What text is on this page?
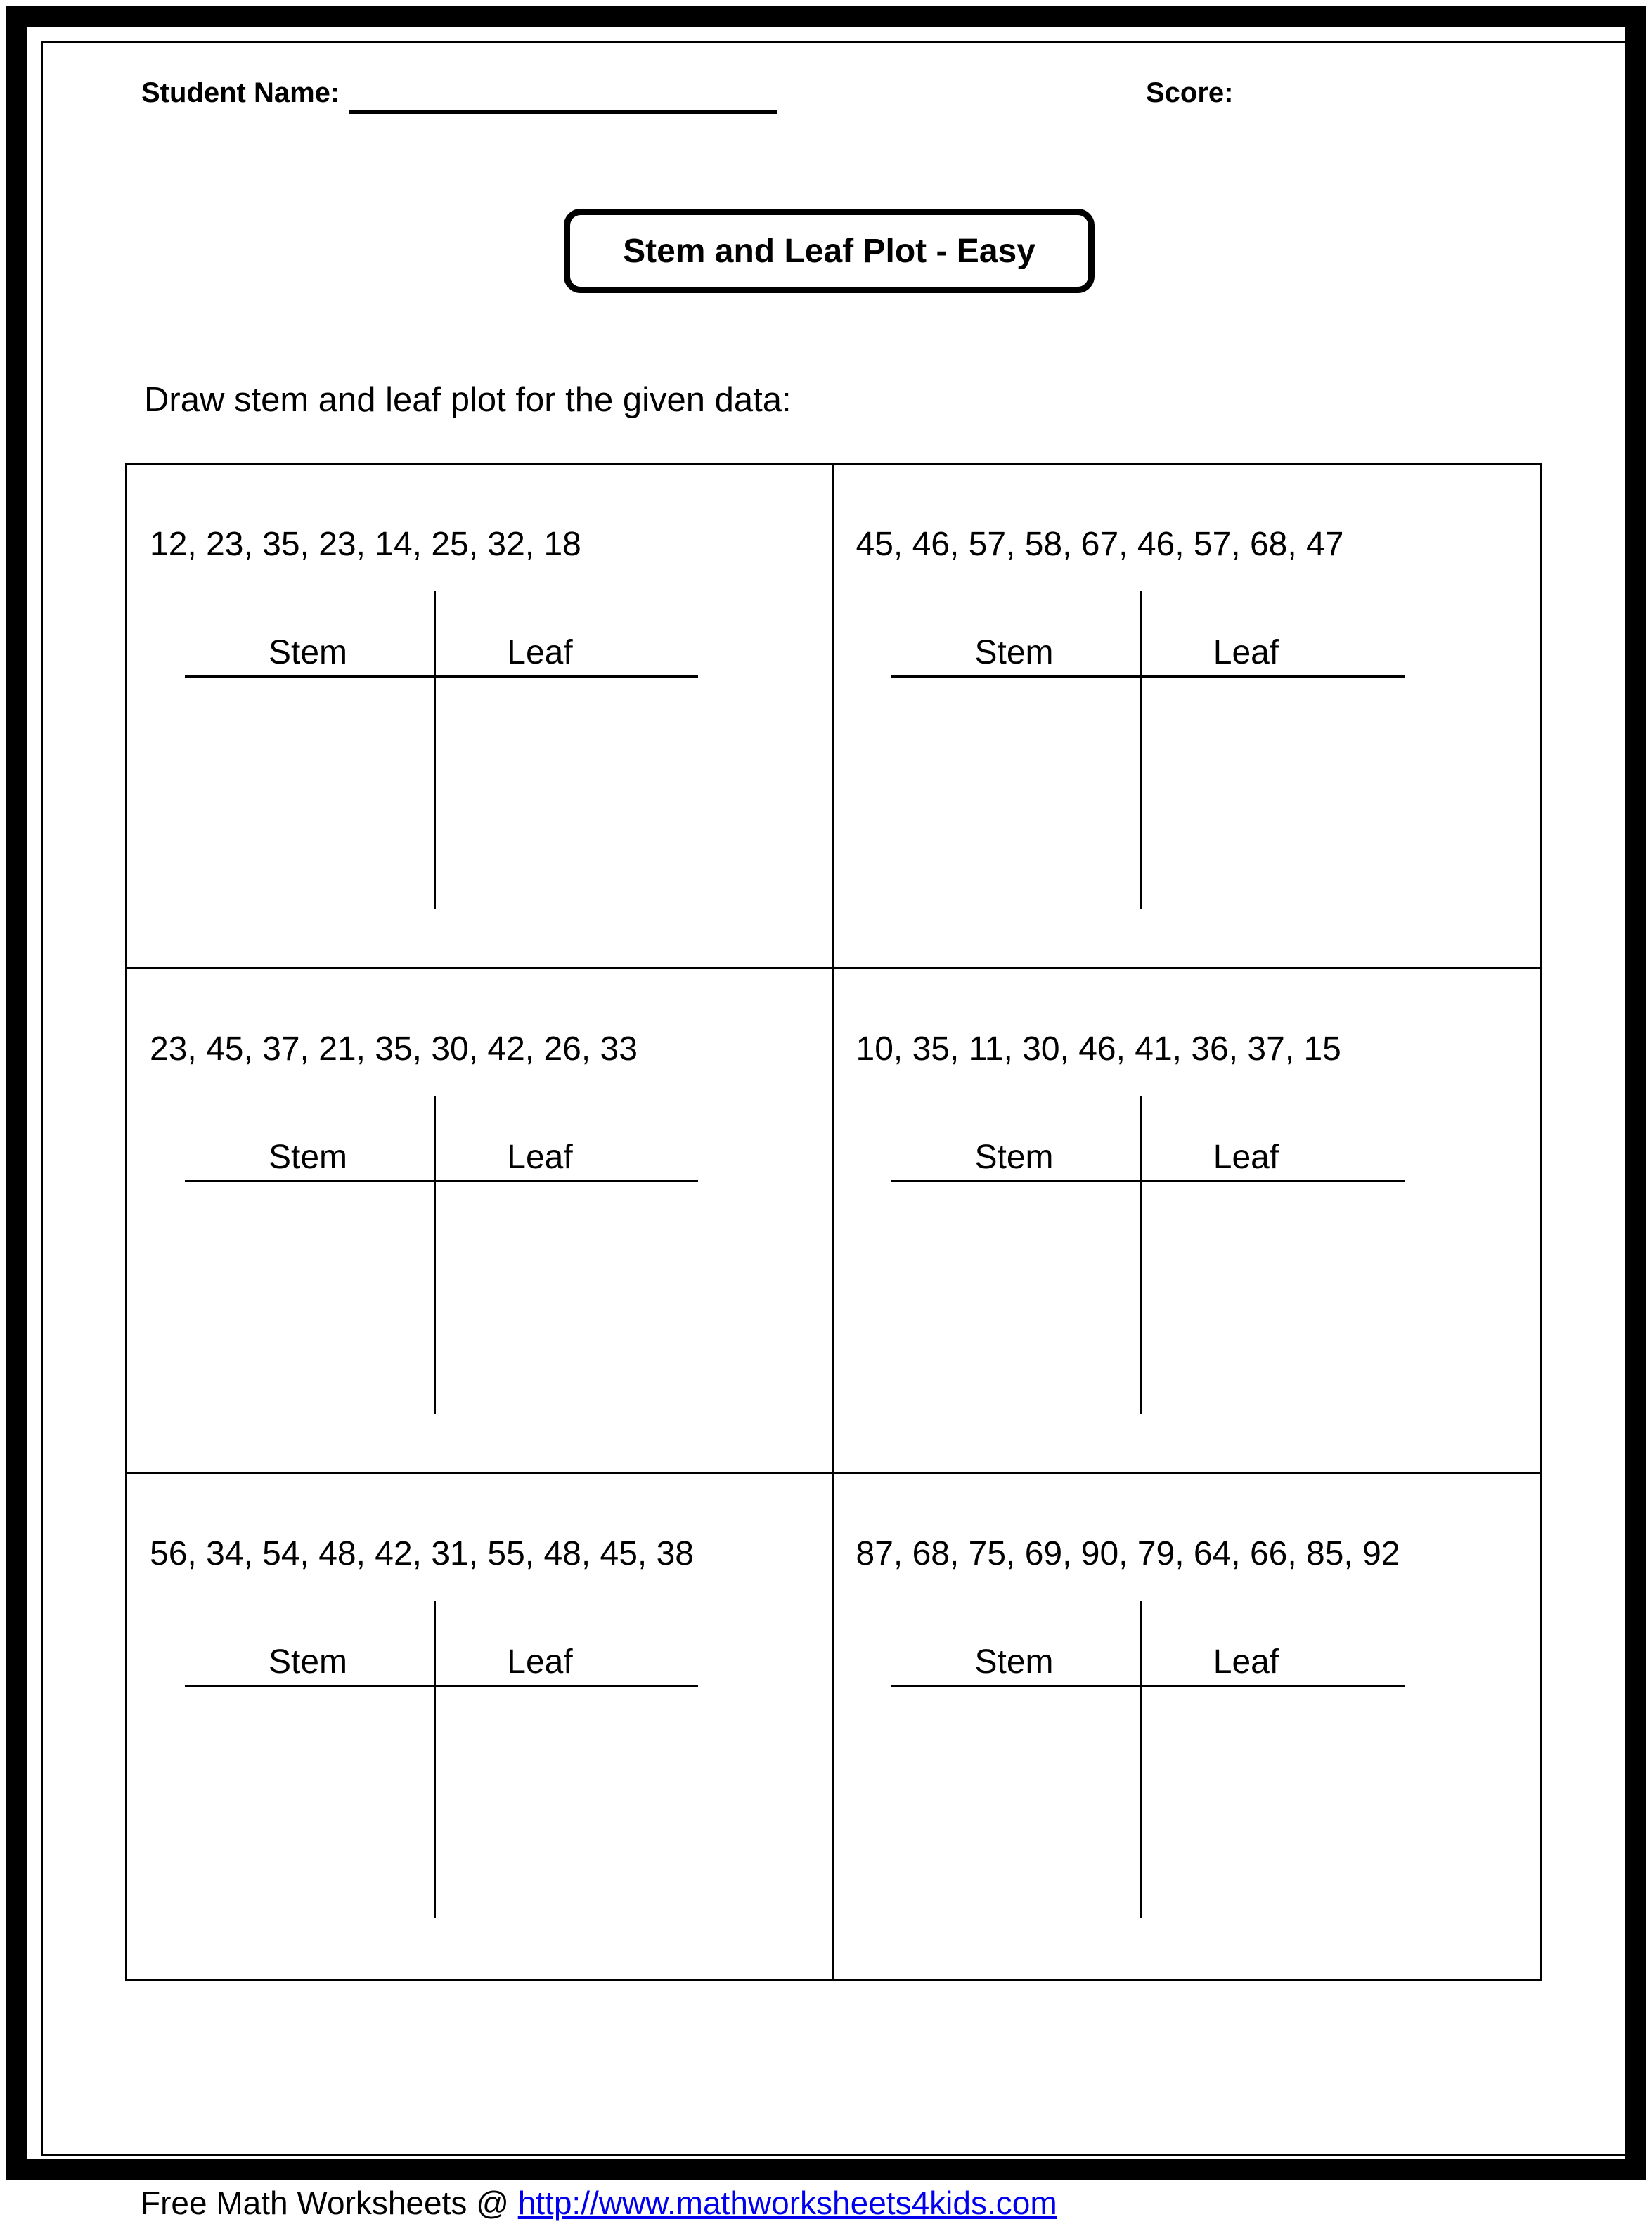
Student Name:	Score:
Stem and Leaf Plot - Easy
Draw stem and leaf plot for the given data:
12, 23, 35, 23, 14, 25, 32, 18
Stem	Leaf
45, 46, 57, 58, 67, 46, 57, 68, 47
Stem	Leaf
23, 45, 37, 21, 35, 30, 42, 26, 33
Stem	Leaf
10, 35, 11, 30, 46, 41, 36, 37, 15
Stem	Leaf
56, 34, 54, 48, 42, 31, 55, 48, 45, 38
Stem	Leaf
87, 68, 75, 69, 90, 79, 64, 66, 85, 92
Stem	Leaf
Free Math Worksheets @ http://www.mathworksheets4kids.com
